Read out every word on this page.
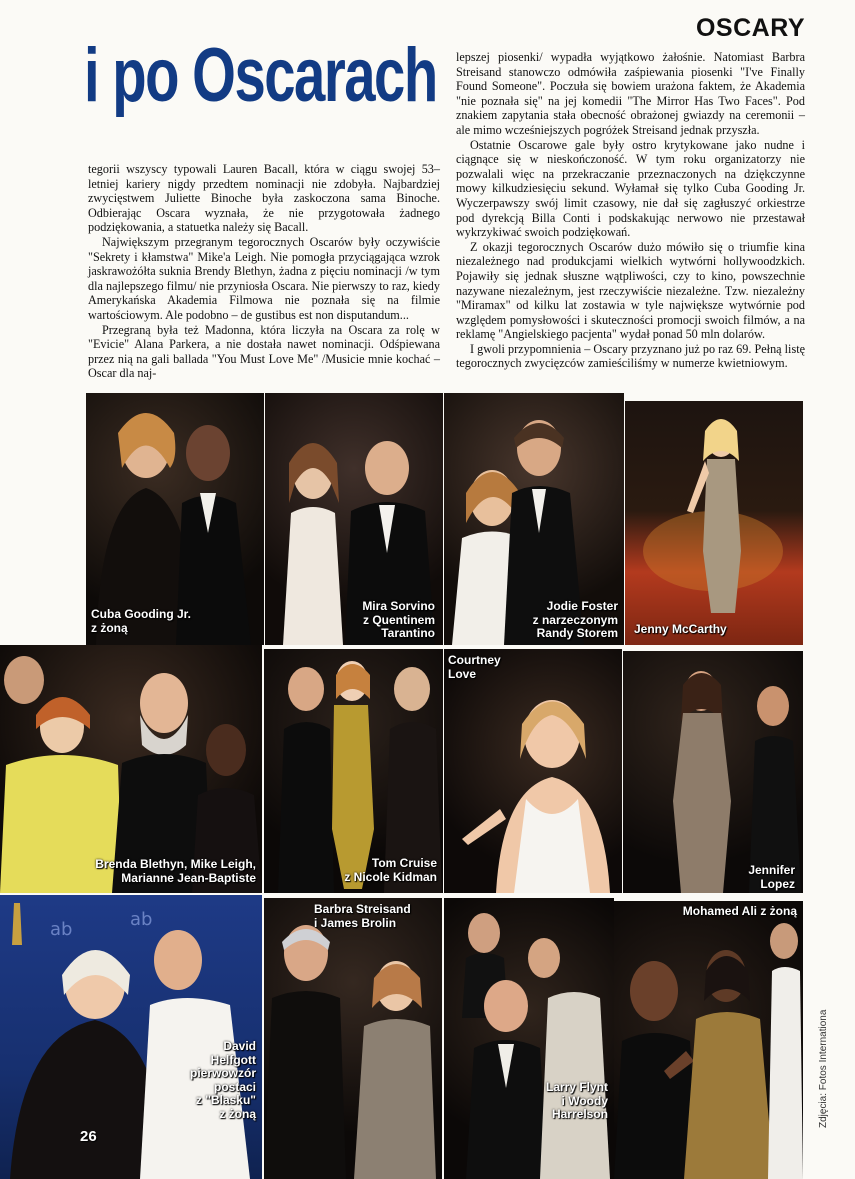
OSCARY
i po Oscarach

tegorii wszyscy typowali Lauren Bacall, która w ciągu swojej 53–letniej kariery nigdy przedtem nominacji nie zdobyła. Najbardziej zwycięstwem Juliette Binoche była zaskoczona sama Binoche. Odbierając Oscara wyznała, że nie przygotowała żadnego podziękowania, a statuetka należy się Bacall.

Największym przegranym tegorocznych Oscarów były oczywiście "Sekrety i kłamstwa" Mike'a Leigh. Nie pomogła przyciągająca wzrok jaskrawożółta suknia Brendy Blethyn, żadna z pięciu nominacji /w tym dla najlepszego filmu/ nie przyniosła Oscara. Nie pierwszy to raz, kiedy Amerykańska Akademia Filmowa nie poznała się na filmie wartościowym. Ale podobno – de gustibus est non disputandum...

Przegraną była też Madonna, która liczyła na Oscara za rolę w "Evicie" Alana Parkera, a nie dostała nawet nominacji. Odśpiewana przez nią na gali ballada "You Must Love Me" /Musicie mnie kochać – Oscar dla naj-

lepszej piosenki/ wypadła wyjątkowo żałośnie. Natomiast Barbra Streisand stanowczo odmówiła zaśpiewania piosenki "I've Finally Found Someone". Poczuła się bowiem urażona faktem, że Akademia "nie poznała się" na jej komedii "The Mirror Has Two Faces". Pod znakiem zapytania stała obecność obrażonej gwiazdy na ceremonii – ale mimo wcześniejszych pogróżek Streisand jednak przyszła.

Ostatnie Oscarowe gale były ostro krytykowane jako nudne i ciągnące się w nieskończoność. W tym roku organizatorzy nie pozwalali więc na przekraczanie przeznaczonych na dziękczynne mowy kilkudziesięciu sekund. Wyłamał się tylko Cuba Gooding Jr. Wyczerpawszy swój limit czasowy, nie dał się zagłuszyć orkiestrze pod dyrekcją Billa Conti i podskakując nerwowo nie przestawał wykrzykiwać swoich podziękowań.

Z okazji tegorocznych Oscarów dużo mówiło się o triumfie kina niezależnego nad produkcjami wielkich wytwórni hollywoodzkich. Pojawiły się jednak słuszne wątpliwości, czy to kino, powszechnie nazywane niezależnym, jest rzeczywiście niezależne. Tzw. niezależny "Miramax" od kilku lat zostawia w tyle największe wytwórnie pod względem pomysłowości i skuteczności promocji swoich filmów, a na reklamę "Angielskiego pacjenta" wydał ponad 50 mln dolarów.

I gwoli przypomnienia – Oscary przyznano już po raz 69. Pełną listę tegorocznych zwycięzców zamieściliśmy w numerze kwietniowym.

Cuba Gooding Jr.
z żoną
Mira Sorvino
z Quentinem
Tarantino
Jodie Foster
z narzeczonym
Randy Storem Jenny McCarthy
Brenda Blethyn, Mike Leigh,
Marianne Jean-Baptiste
Tom Cruise
z Nicole Kidman
Courtney
Love
Jennifer
Lopez
ab	ab
David
Helfgott
pierwowzór
postaci
z "Blasku"
z żoną
Barbra Streisand
i James Brolin
Larry Flynt
i Woody
Harrelson
Mohamed Ali z żoną
26
Zdjęcia: Fotos Internationa
